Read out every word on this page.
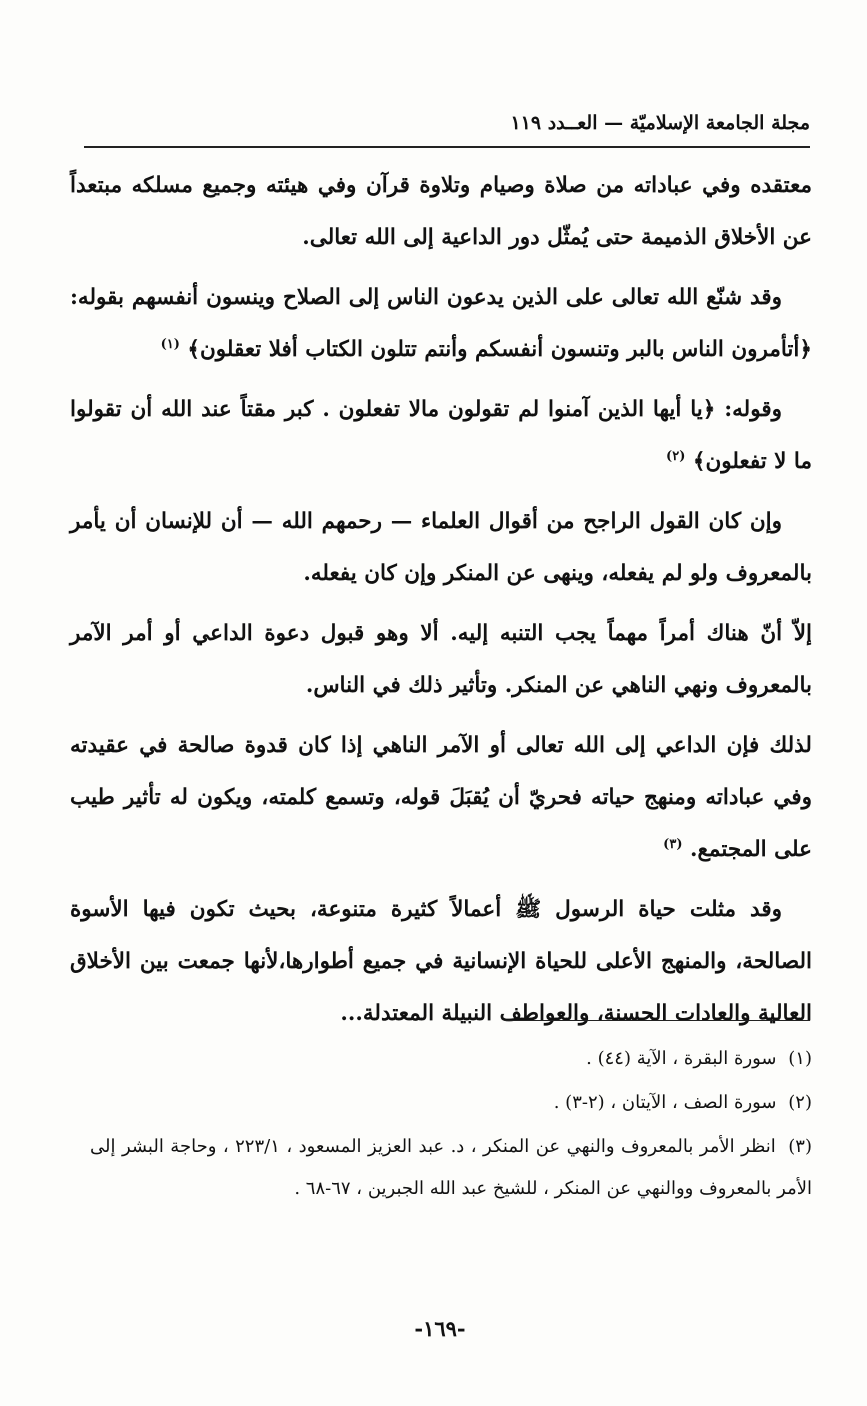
مجلة الجامعة الإسلاميّة — العــدد ١١٩

معتقده وفي عباداته من صلاة وصيام وتلاوة قرآن وفي هيئته وجميع مسلكه مبتعداً عن الأخلاق الذميمة حتى يُمثّل دور الداعية إلى الله تعالى.

وقد شنّع الله تعالى على الذين يدعون الناس إلى الصلاح وينسون أنفسهم بقوله: ﴿أتأمرون الناس بالبر وتنسون أنفسكم وأنتم تتلون الكتاب أفلا تعقلون﴾ $^{(١)}$

وقوله: ﴿يا أيها الذين آمنوا لم تقولون مالا تفعلون . كبر مقتاً عند الله أن تقولوا ما لا تفعلون﴾ $^{(٢)}$

وإن كان القول الراجح من أقوال العلماء — رحمهم الله — أن للإنسان أن يأمر بالمعروف ولو لم يفعله، وينهى عن المنكر وإن كان يفعله.

إلاّ أنّ هناك أمراً مهماً يجب التنبه إليه. ألا وهو قبول دعوة الداعي أو أمر الآمر بالمعروف ونهي الناهي عن المنكر. وتأثير ذلك في الناس.

لذلك فإن الداعي إلى الله تعالى أو الآمر الناهي إذا كان قدوة صالحة في عقيدته وفي عباداته ومنهج حياته فحريّ أن يُقبَلَ قوله، وتسمع كلمته، ويكون له تأثير طيب على المجتمع. $^{(٣)}$

وقد مثلت حياة الرسول ﷺ أعمالاً كثيرة متنوعة، بحيث تكون فيها الأسوة الصالحة، والمنهج الأعلى للحياة الإنسانية في جميع أطوارها،لأنها جمعت بين الأخلاق العالية والعادات الحسنة، والعواطف النبيلة المعتدلة...

(١) سورة البقرة ، الآية (٤٤) .

(٢) سورة الصف ، الآيتان ، (٢-٣) .

(٣) انظر الأمر بالمعروف والنهي عن المنكر ، د. عبد العزيز المسعود ، ٢٢٣/١ ، وحاجة البشر إلى الأمر بالمعروف ووالنهي عن المنكر ، للشيخ عبد الله الجبرين ، ٦٧-٦٨ .

-١٦٩-
